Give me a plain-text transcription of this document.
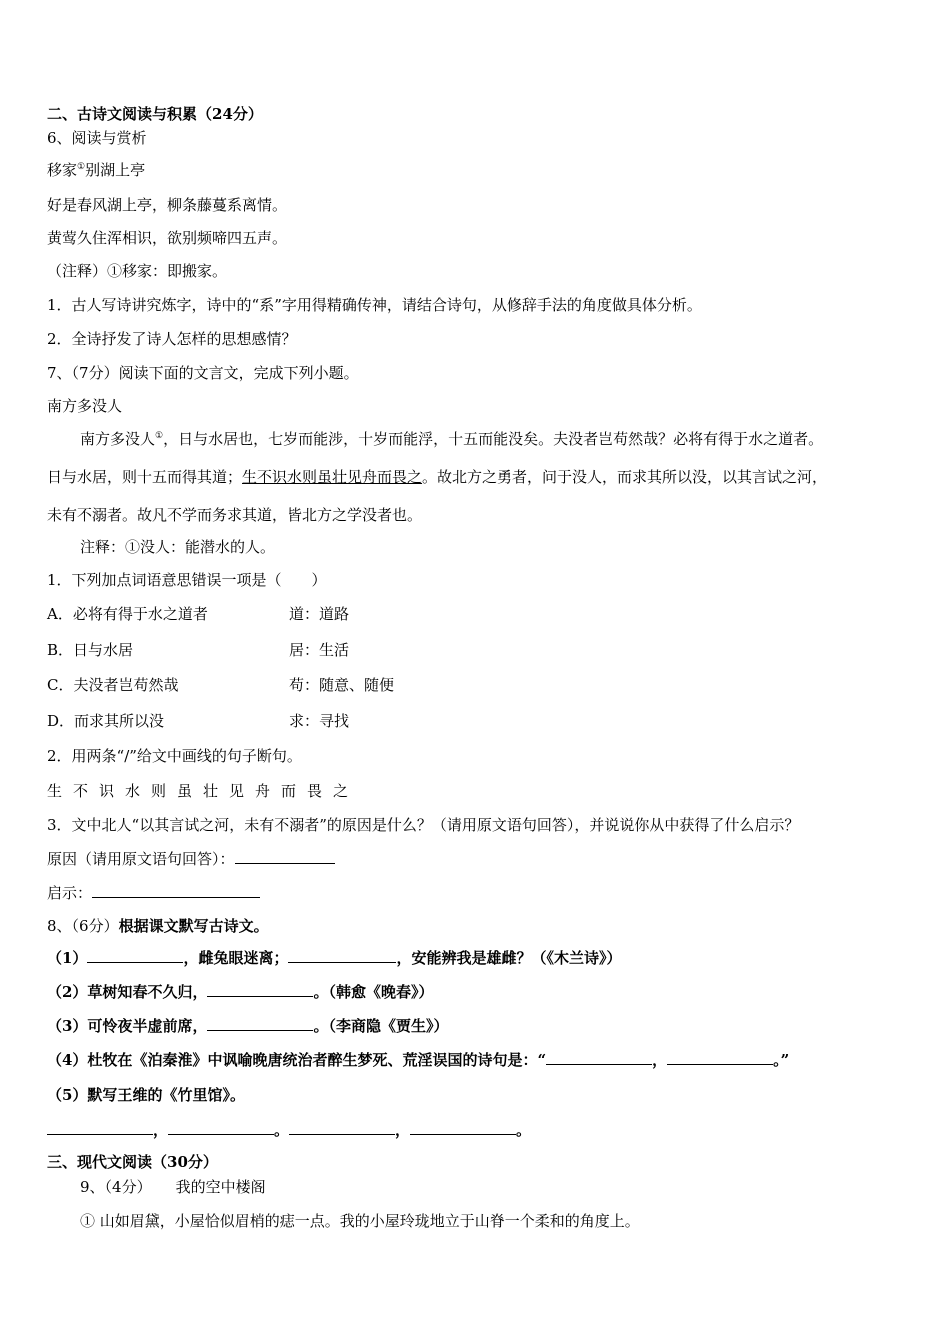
二、古诗文阅读与积累（24分）
6、阅读与赏析
移家①别湖上亭
好是春风湖上亭，柳条藤蔓系离情。
黄莺久住浑相识，欲别频啼四五声。
（注释）①移家：即搬家。
1．古人写诗讲究炼字，诗中的“系”字用得精确传神，请结合诗句，从修辞手法的角度做具体分析。
2．全诗抒发了诗人怎样的思想感情？
7、（7分）阅读下面的文言文，完成下列小题。
南方多没人
南方多没人①，日与水居也，七岁而能涉，十岁而能浮，十五而能没矣。夫没者岂苟然哉？必将有得于水之道者。
日与水居，则十五而得其道；生不识水则虽壮见舟而畏之。故北方之勇者，问于没人，而求其所以没，以其言试之河，
未有不溺者。故凡不学而务求其道，皆北方之学没者也。
注释：①没人：能潜水的人。
1．下列加点词语意思错误一项是（　　）
A．必将有得于水之道者	道：道路
B．日与水居	居：生活
C．夫没者岂苟然哉	苟：随意、随便
D．而求其所以没	求：寻找
2．用两条“/”给文中画线的句子断句。
生不识水则虽壮见舟而畏之
3．文中北人“以其言试之河，未有不溺者”的原因是什么？（请用原文语句回答），并说说你从中获得了什么启示？
原因（请用原文语句回答）：
启示：
8、（6分）根据课文默写古诗文。
（1）	，雌兔眼迷离；	，安能辨我是雄雌？（《木兰诗》）
（2）草树知春不久归，	。（韩愈《晚春》）
（3）可怜夜半虚前席，	。（李商隐《贾生》）
（4）杜牧在《泊秦淮》中讽喻晚唐统治者醉生梦死、荒淫误国的诗句是：“	，	。”
（5）默写王维的《竹里馆》。
，	。	，	。
三、现代文阅读（30分）
9、（4分） 我的空中楼阁
① 山如眉黛，小屋恰似眉梢的痣一点。我的小屋玲珑地立于山脊一个柔和的角度上。
